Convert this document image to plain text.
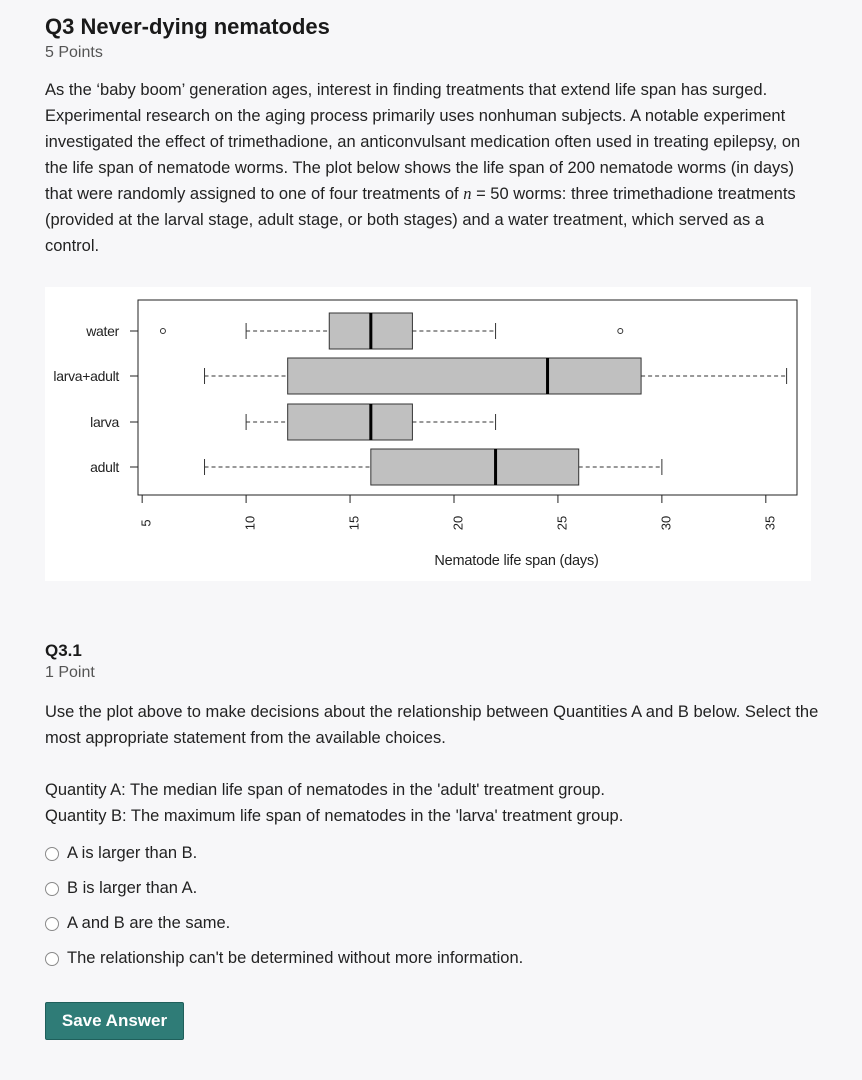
Q3 Never-dying nematodes
5 Points

As the ‘baby boom’ generation ages, interest in finding treatments that extend life span has surged. Experimental research on the aging process primarily uses nonhuman subjects. A notable experiment investigated the effect of trimethadione, an anticonvulsant medication often used in treating epilepsy, on the life span of nematode worms. The plot below shows the life span of 200 nematode worms (in days) that were randomly assigned to one of four treatments of n = 50 worms: three trimethadione treatments (provided at the larval stage, adult stage, or both stages) and a water treatment, which served as a control.

water
larva+adult
larva
adult
5	10	15	20	25	30	35
Nematode life span (days)
Q3.1
1 Point

Use the plot above to make decisions about the relationship between Quantities A and B below. Select the most appropriate statement from the available choices.

Quantity A: The median life span of nematodes in the 'adult' treatment group.
Quantity B: The maximum life span of nematodes in the 'larva' treatment group.
A is larger than B.
B is larger than A.
A and B are the same.
The relationship can't be determined without more information.
Save Answer
